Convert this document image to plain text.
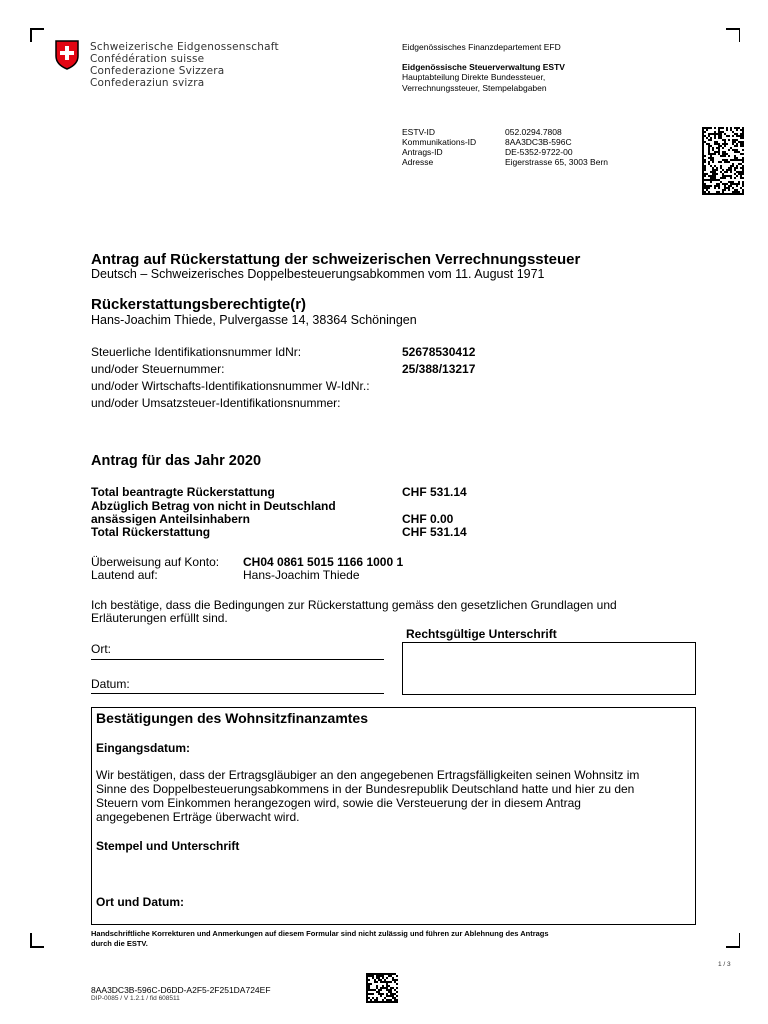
Schweizerische Eidgenossenschaft
Confédération suisse
Confederazione Svizzera
Confederaziun svizra
Eidgenössisches Finanzdepartement EFD
Eidgenössische Steuerverwaltung ESTV
Hauptabteilung Direkte Bundessteuer,
Verrechnungssteuer, Stempelabgaben
ESTV-ID	052.0294.7808
Kommunikations-ID	8AA3DC3B-596C
Antrags-ID	DE-5352-9722-00
Adresse	Eigerstrasse 65, 3003 Bern
Antrag auf Rückerstattung der schweizerischen Verrechnungssteuer
Deutsch – Schweizerisches Doppelbesteuerungsabkommen vom 11. August 1971
Rückerstattungsberechtigte(r)
Hans-Joachim Thiede, Pulvergasse 14, 38364 Schöningen
Steuerliche Identifikationsnummer IdNr:	52678530412
und/oder Steuernummer:	25/388/13217
und/oder Wirtschafts-Identifikationsnummer W-IdNr.:
und/oder Umsatzsteuer-Identifikationsnummer:
Antrag für das Jahr 2020
Total beantragte Rückerstattung	CHF 531.14
Abzüglich Betrag von nicht in Deutschland
ansässigen Anteilsinhabern	CHF 0.00
Total Rückerstattung	CHF 531.14
Überweisung auf Konto: CH04 0861 5015 1166 1000 1
Lautend auf:	Hans-Joachim Thiede
Ich bestätige, dass die Bedingungen zur Rückerstattung gemäss den gesetzlichen Grundlagen und
Erläuterungen erfüllt sind.
Rechtsgültige Unterschrift
Ort:
Datum:
Bestätigungen des Wohnsitzfinanzamtes
Eingangsdatum:
Wir bestätigen, dass der Ertragsgläubiger an den angegebenen Ertragsfälligkeiten seinen Wohnsitz im
Sinne des Doppelbesteuerungsabkommens in der Bundesrepublik Deutschland hatte und hier zu den
Steuern vom Einkommen herangezogen wird, sowie die Versteuerung der in diesem Antrag
angegebenen Erträge überwacht wird.
Stempel und Unterschrift
Ort und Datum:
Handschriftliche Korrekturen und Anmerkungen auf diesem Formular sind nicht zulässig und führen zur Ablehnung des Antrags
durch die ESTV.
1 / 3
8AA3DC3B-596C-D6DD-A2F5-2F251DA724EF
DIP-0085 / V 1.2.1 / fid 608511
